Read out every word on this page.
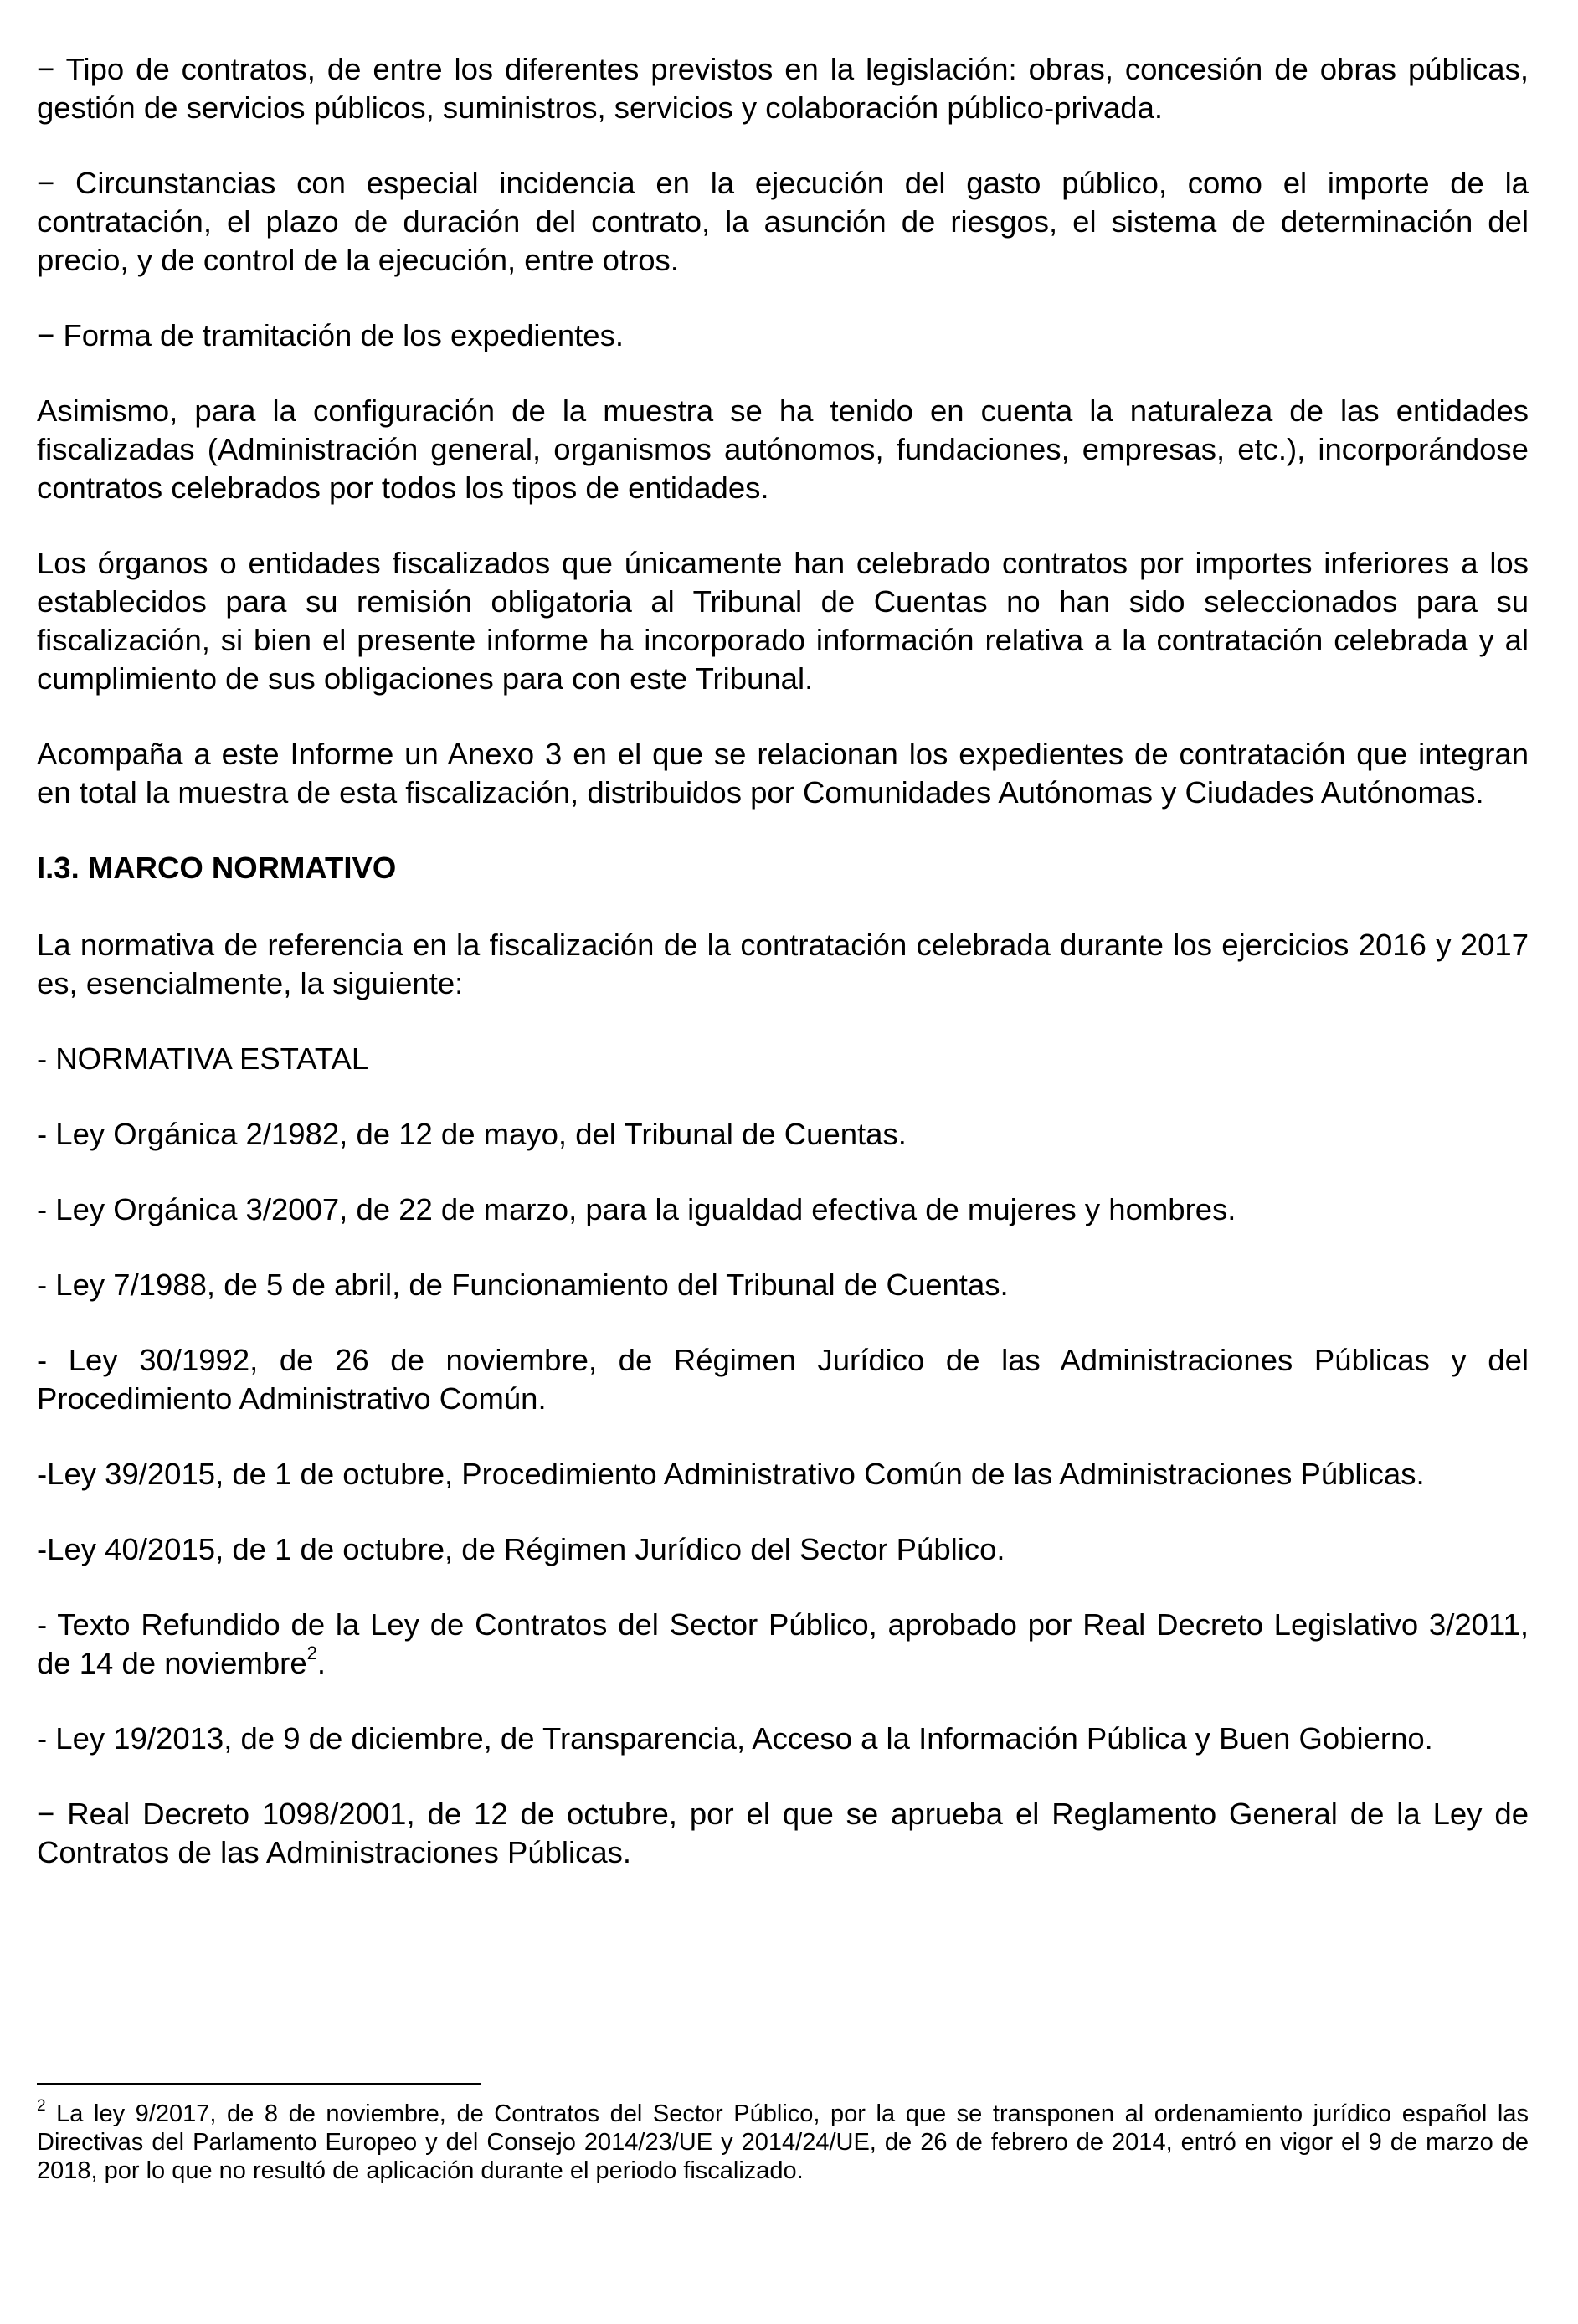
− Tipo de contratos, de entre los diferentes previstos en la legislación: obras, concesión de obras públicas, gestión de servicios públicos, suministros, servicios y colaboración público-privada.

− Circunstancias con especial incidencia en la ejecución del gasto público, como el importe de la contratación, el plazo de duración del contrato, la asunción de riesgos, el sistema de determinación del precio, y de control de la ejecución, entre otros.

− Forma de tramitación de los expedientes.

Asimismo, para la configuración de la muestra se ha tenido en cuenta la naturaleza de las entidades fiscalizadas (Administración general, organismos autónomos, fundaciones, empresas, etc.), incorporándose contratos celebrados por todos los tipos de entidades.

Los órganos o entidades fiscalizados que únicamente han celebrado contratos por importes inferiores a los establecidos para su remisión obligatoria al Tribunal de Cuentas no han sido seleccionados para su fiscalización, si bien el presente informe ha incorporado información relativa a la contratación celebrada y al cumplimiento de sus obligaciones para con este Tribunal.

Acompaña a este Informe un Anexo 3 en el que se relacionan los expedientes de contratación que integran en total la muestra de esta fiscalización, distribuidos por Comunidades Autónomas y Ciudades Autónomas.

I.3. MARCO NORMATIVO

La normativa de referencia en la fiscalización de la contratación celebrada durante los ejercicios 2016 y 2017 es, esencialmente, la siguiente:

- NORMATIVA ESTATAL

- Ley Orgánica 2/1982, de 12 de mayo, del Tribunal de Cuentas.

- Ley Orgánica 3/2007, de 22 de marzo, para la igualdad efectiva de mujeres y hombres.

- Ley 7/1988, de 5 de abril, de Funcionamiento del Tribunal de Cuentas.

- Ley 30/1992, de 26 de noviembre, de Régimen Jurídico de las Administraciones Públicas y del Procedimiento Administrativo Común.

-Ley 39/2015, de 1 de octubre, Procedimiento Administrativo Común de las Administraciones Públicas.

-Ley 40/2015, de 1 de octubre, de Régimen Jurídico del Sector Público.

- Texto Refundido de la Ley de Contratos del Sector Público, aprobado por Real Decreto Legislativo 3/2011, de 14 de noviembre$^2$.

- Ley 19/2013, de 9 de diciembre, de Transparencia, Acceso a la Información Pública y Buen Gobierno.

− Real Decreto 1098/2001, de 12 de octubre, por el que se aprueba el Reglamento General de la Ley de Contratos de las Administraciones Públicas.

$^2$ La ley 9/2017, de 8 de noviembre, de Contratos del Sector Público, por la que se transponen al ordenamiento jurídico español las Directivas del Parlamento Europeo y del Consejo 2014/23/UE y 2014/24/UE, de 26 de febrero de 2014, entró en vigor el 9 de marzo de 2018, por lo que no resultó de aplicación durante el periodo fiscalizado.
